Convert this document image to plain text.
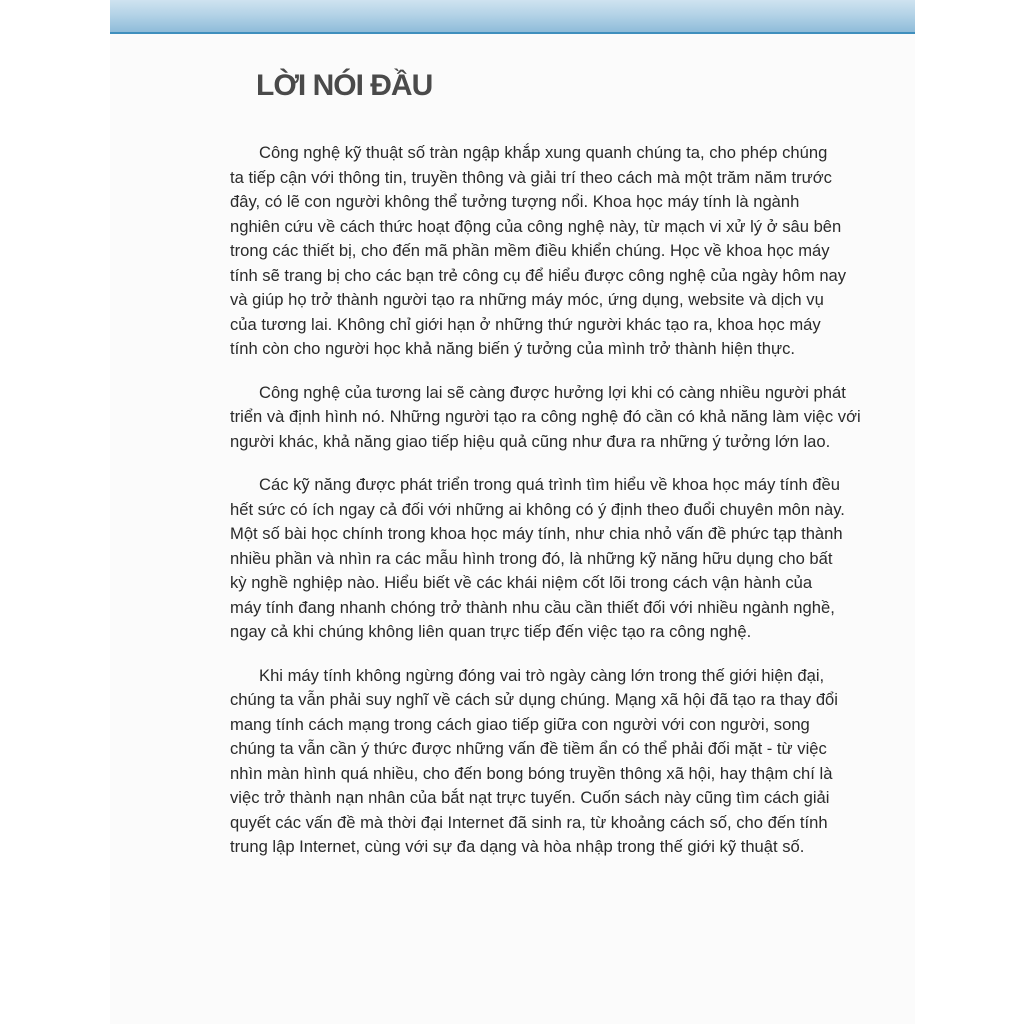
LỜI NÓI ĐẦU

Công nghệ kỹ thuật số tràn ngập khắp xung quanh chúng ta, cho phép chúng
ta tiếp cận với thông tin, truyền thông và giải trí theo cách mà một trăm năm trước
đây, có lẽ con người không thể tưởng tượng nổi. Khoa học máy tính là ngành
nghiên cứu về cách thức hoạt động của công nghệ này, từ mạch vi xử lý ở sâu bên
trong các thiết bị, cho đến mã phần mềm điều khiển chúng. Học về khoa học máy
tính sẽ trang bị cho các bạn trẻ công cụ để hiểu được công nghệ của ngày hôm nay
và giúp họ trở thành người tạo ra những máy móc, ứng dụng, website và dịch vụ
của tương lai. Không chỉ giới hạn ở những thứ người khác tạo ra, khoa học máy
tính còn cho người học khả năng biến ý tưởng của mình trở thành hiện thực.

Công nghệ của tương lai sẽ càng được hưởng lợi khi có càng nhiều người phát
triển và định hình nó. Những người tạo ra công nghệ đó cần có khả năng làm việc với
người khác, khả năng giao tiếp hiệu quả cũng như đưa ra những ý tưởng lớn lao.

Các kỹ năng được phát triển trong quá trình tìm hiểu về khoa học máy tính đều
hết sức có ích ngay cả đối với những ai không có ý định theo đuổi chuyên môn này.
Một số bài học chính trong khoa học máy tính, như chia nhỏ vấn đề phức tạp thành
nhiều phần và nhìn ra các mẫu hình trong đó, là những kỹ năng hữu dụng cho bất
kỳ nghề nghiệp nào. Hiểu biết về các khái niệm cốt lõi trong cách vận hành của
máy tính đang nhanh chóng trở thành nhu cầu cần thiết đối với nhiều ngành nghề,
ngay cả khi chúng không liên quan trực tiếp đến việc tạo ra công nghệ.

Khi máy tính không ngừng đóng vai trò ngày càng lớn trong thế giới hiện đại,
chúng ta vẫn phải suy nghĩ về cách sử dụng chúng. Mạng xã hội đã tạo ra thay đổi
mang tính cách mạng trong cách giao tiếp giữa con người với con người, song
chúng ta vẫn cần ý thức được những vấn đề tiềm ẩn có thể phải đối mặt - từ việc
nhìn màn hình quá nhiều, cho đến bong bóng truyền thông xã hội, hay thậm chí là
việc trở thành nạn nhân của bắt nạt trực tuyến. Cuốn sách này cũng tìm cách giải
quyết các vấn đề mà thời đại Internet đã sinh ra, từ khoảng cách số, cho đến tính
trung lập Internet, cùng với sự đa dạng và hòa nhập trong thế giới kỹ thuật số.
